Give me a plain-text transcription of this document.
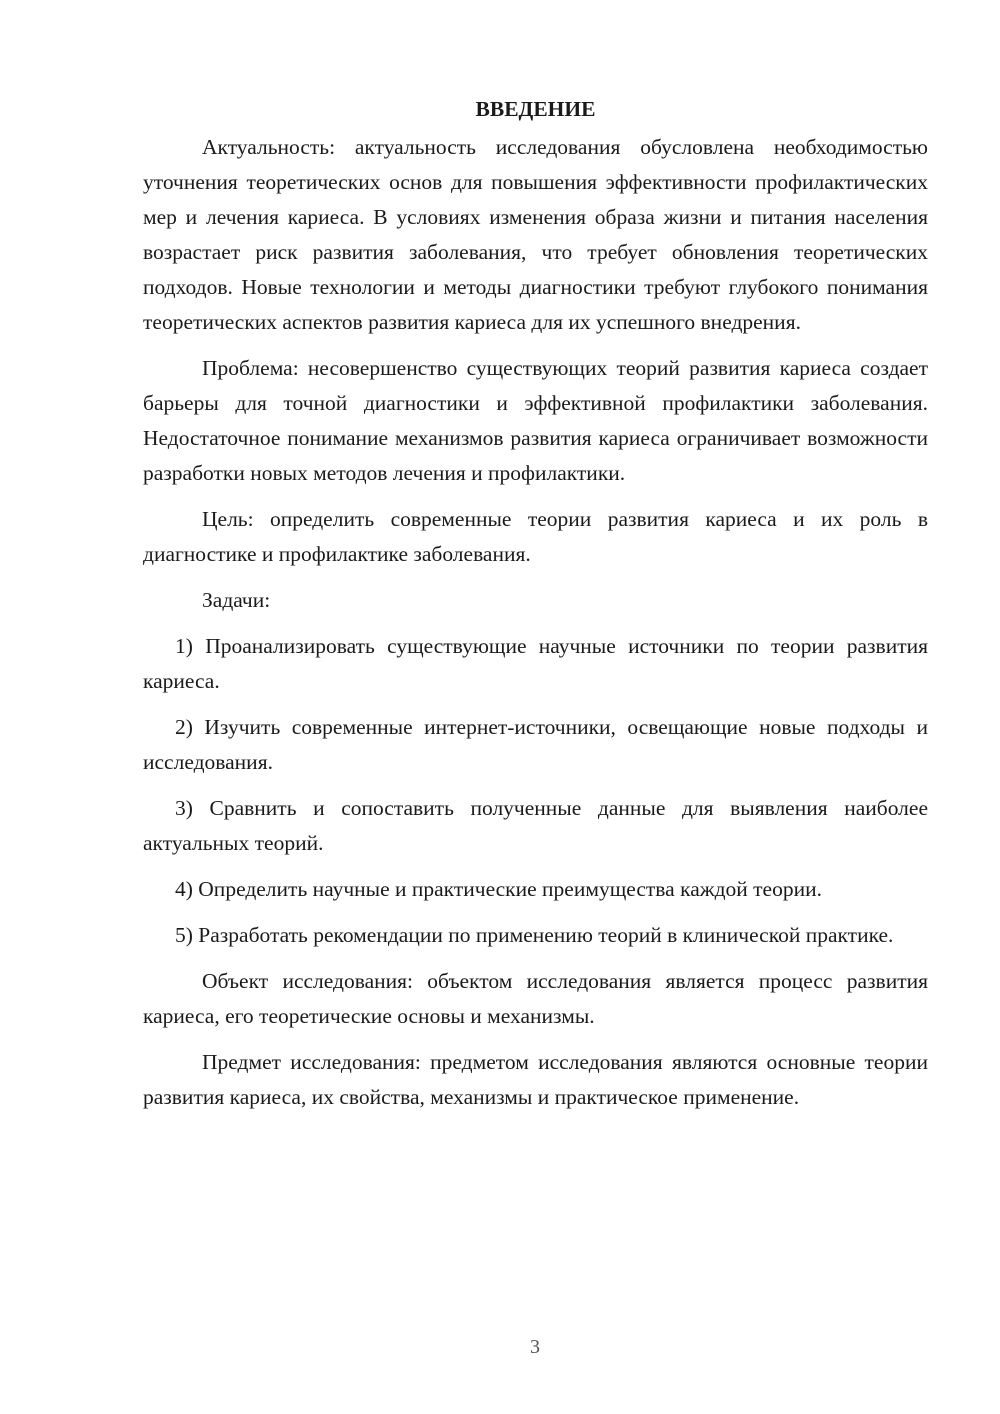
ВВЕДЕНИЕ

Актуальность: актуальность исследования обусловлена необходимостью уточнения теоретических основ для повышения эффективности профилактических мер и лечения кариеса. В условиях изменения образа жизни и питания населения возрастает риск развития заболевания, что требует обновления теоретических подходов. Новые технологии и методы диагностики требуют глубокого понимания теоретических аспектов развития кариеса для их успешного внедрения.

Проблема: несовершенство существующих теорий развития кариеса создает барьеры для точной диагностики и эффективной профилактики заболевания. Недостаточное понимание механизмов развития кариеса ограничивает возможности разработки новых методов лечения и профилактики.

Цель: определить современные теории развития кариеса и их роль в диагностике и профилактике заболевания.

Задачи:

1) Проанализировать существующие научные источники по теории развития кариеса.

2) Изучить современные интернет-источники, освещающие новые подходы и исследования.

3) Сравнить и сопоставить полученные данные для выявления наиболее актуальных теорий.

4) Определить научные и практические преимущества каждой теории.

5) Разработать рекомендации по применению теорий в клинической практике.

Объект исследования: объектом исследования является процесс развития кариеса, его теоретические основы и механизмы.

Предмет исследования: предметом исследования являются основные теории развития кариеса, их свойства, механизмы и практическое применение.

3
